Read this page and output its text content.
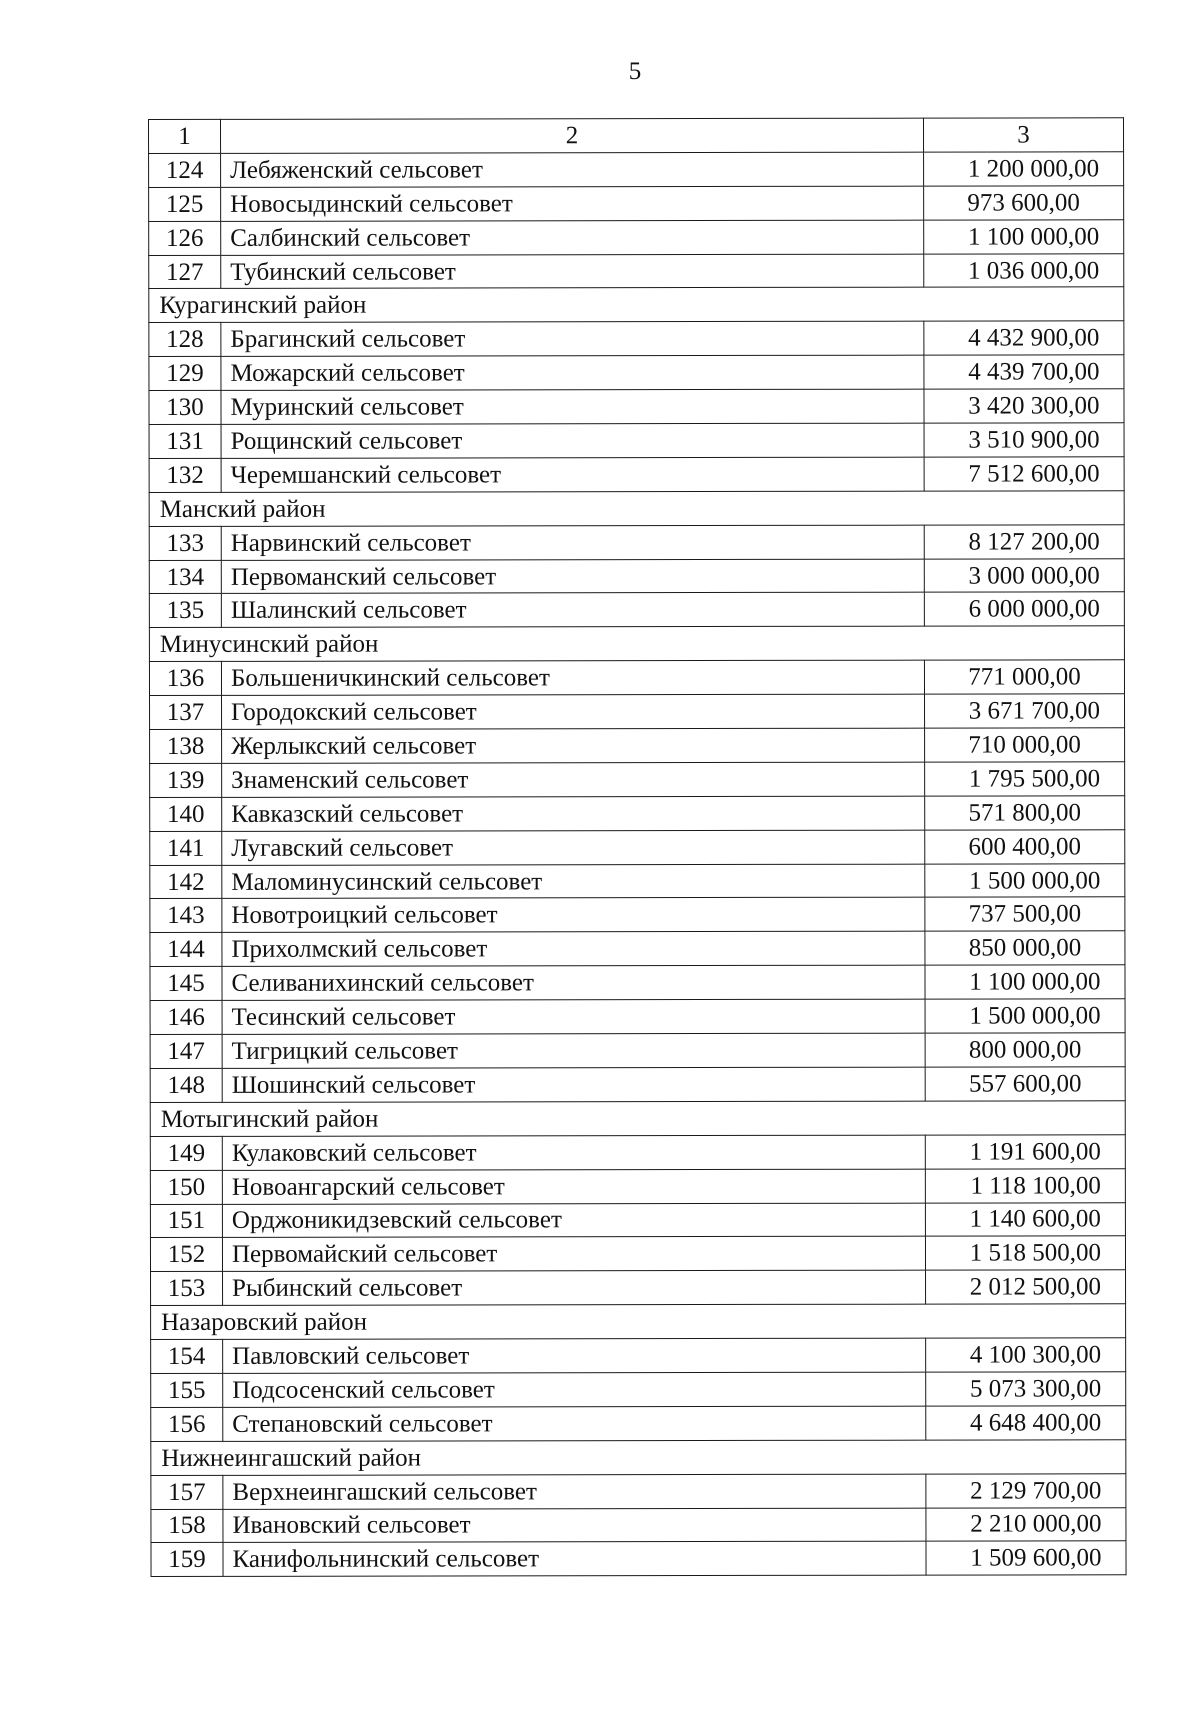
5
1	2	3
124	Лебяженский сельсовет	1 200 000,00
125	Новосыдинский сельсовет	973 600,00
126	Салбинский сельсовет	1 100 000,00
127	Тубинский сельсовет	1 036 000,00
Курагинский район		
128	Брагинский сельсовет	4 432 900,00
129	Можарский сельсовет	4 439 700,00
130	Муринский сельсовет	3 420 300,00
131	Рощинский сельсовет	3 510 900,00
132	Черемшанский сельсовет	7 512 600,00
Манский район		
133	Нарвинский сельсовет	8 127 200,00
134	Первоманский сельсовет	3 000 000,00
135	Шалинский сельсовет	6 000 000,00
Минусинский район		
136	Большеничкинский сельсовет	771 000,00
137	Городокский сельсовет	3 671 700,00
138	Жерлыкский сельсовет	710 000,00
139	Знаменский сельсовет	1 795 500,00
140	Кавказский сельсовет	571 800,00
141	Лугавский сельсовет	600 400,00
142	Маломинусинский сельсовет	1 500 000,00
143	Новотроицкий сельсовет	737 500,00
144	Прихолмский сельсовет	850 000,00
145	Селиванихинский сельсовет	1 100 000,00
146	Тесинский сельсовет	1 500 000,00
147	Тигрицкий сельсовет	800 000,00
148	Шошинский сельсовет	557 600,00
Мотыгинский район		
149	Кулаковский сельсовет	1 191 600,00
150	Новоангарский сельсовет	1 118 100,00
151	Орджоникидзевский сельсовет	1 140 600,00
152	Первомайский сельсовет	1 518 500,00
153	Рыбинский сельсовет	2 012 500,00
Назаровский район		
154	Павловский сельсовет	4 100 300,00
155	Подсосенский сельсовет	5 073 300,00
156	Степановский сельсовет	4 648 400,00
Нижнеингашский район		
157	Верхнеингашский сельсовет	2 129 700,00
158	Ивановский сельсовет	2 210 000,00
159	Канифольнинский сельсовет	1 509 600,00
